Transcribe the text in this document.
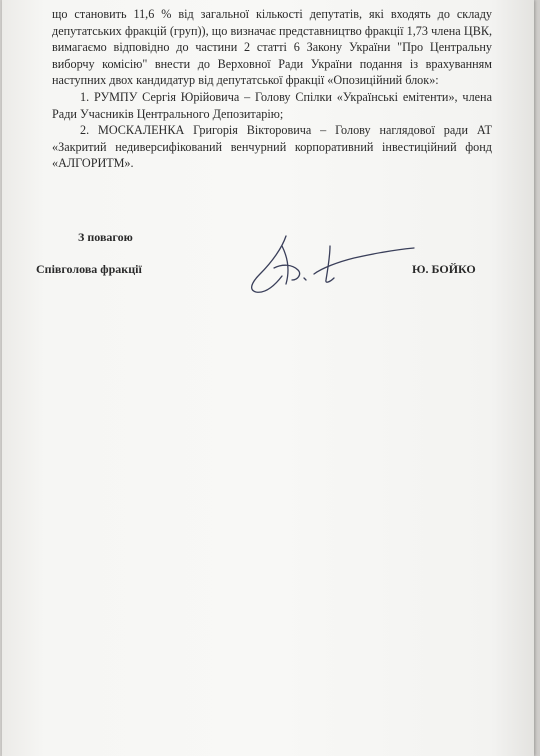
що становить 11,6 % від загальної кількості депутатів, які входять до складу депутатських фракцій (груп)), що визначає представництво фракції 1,73 члена ЦВК, вимагаємо відповідно до частини 2 статті 6 Закону України "Про Центральну виборчу комісію" внести до Верховної Ради України подання із врахуванням наступних двох кандидатур від депутатської фракції «Опозиційний блок»:

1. РУМПУ Сергія Юрійовича – Голову Спілки «Українські емітенти», члена Ради Учасників Центрального Депозитарію;

2. МОСКАЛЕНКА Григорія Вікторовича – Голову наглядової ради АТ «Закритий недиверсифікований венчурний корпоративний інвестиційний фонд «АЛГОРИТМ».

З повагою
Співголова фракції	Ю. БОЙКО
